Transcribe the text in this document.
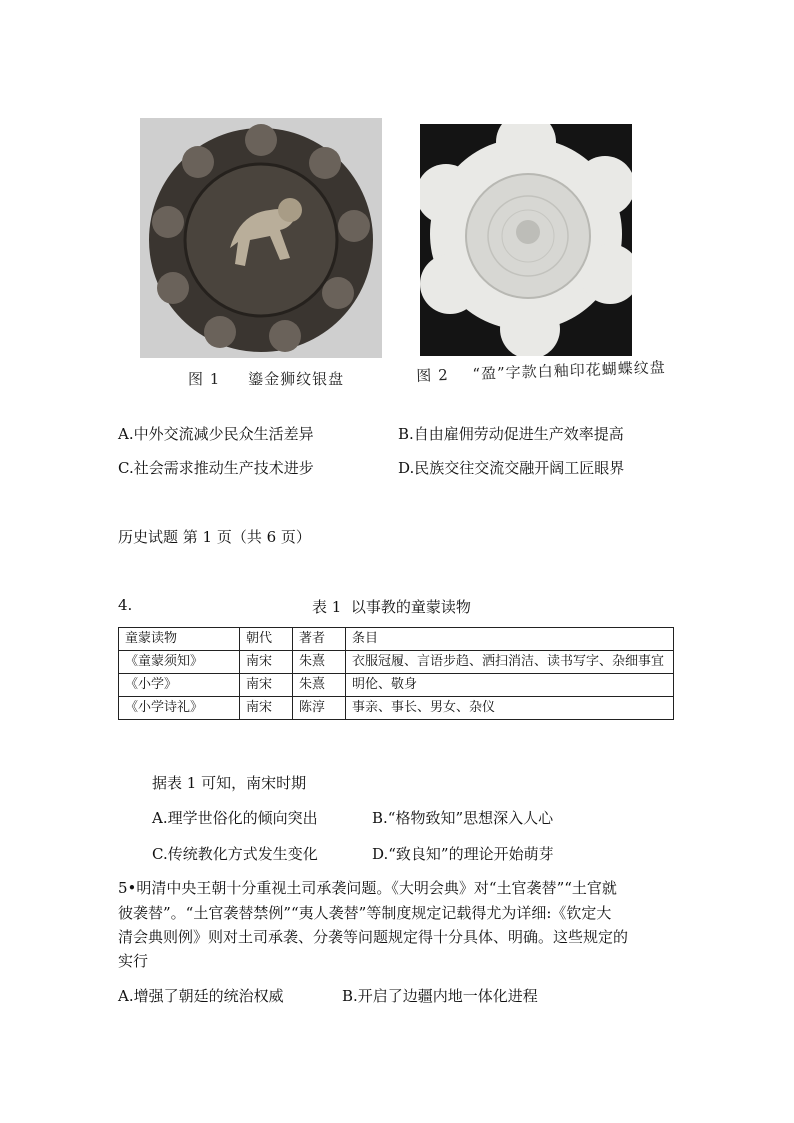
图 1 鎏金狮纹银盘	图 2 “盈”字款白釉印花蝴蝶纹盘
A.中外交流减少民众生活差异	B.自由雇佣劳动促进生产效率提高
C.社会需求推动生产技术进步	D.民族交往交流交融开阔工匠眼界
历史试题 第 1 页（共 6 页）
4.	表 1  以事教的童蒙读物
童蒙读物	朝代	著者	条目
《童蒙须知》	南宋	朱熹	衣服冠履、言语步趋、洒扫消洁、读书写字、杂细事宜
《小学》	南宋	朱熹	明伦、敬身
《小学诗礼》	南宋	陈淳	事亲、事长、男女、杂仪
据表 1 可知，南宋时期
A.理学世俗化的倾向突出	B.“格物致知”思想深入人心
C.传统教化方式发生变化	D.“致良知”的理论开始萌芽
5•明清中央王朝十分重视土司承袭问题。《大明会典》对“土官袭替”“土官就
彼袭替”。“土官袭替禁例”“夷人袭替”等制度规定记载得尤为详细:《钦定大
清会典则例》则对土司承袭、分袭等问题规定得十分具体、明确。这些规定的
实行
A.增强了朝廷的统治权威	B.开启了边疆内地一体化进程
